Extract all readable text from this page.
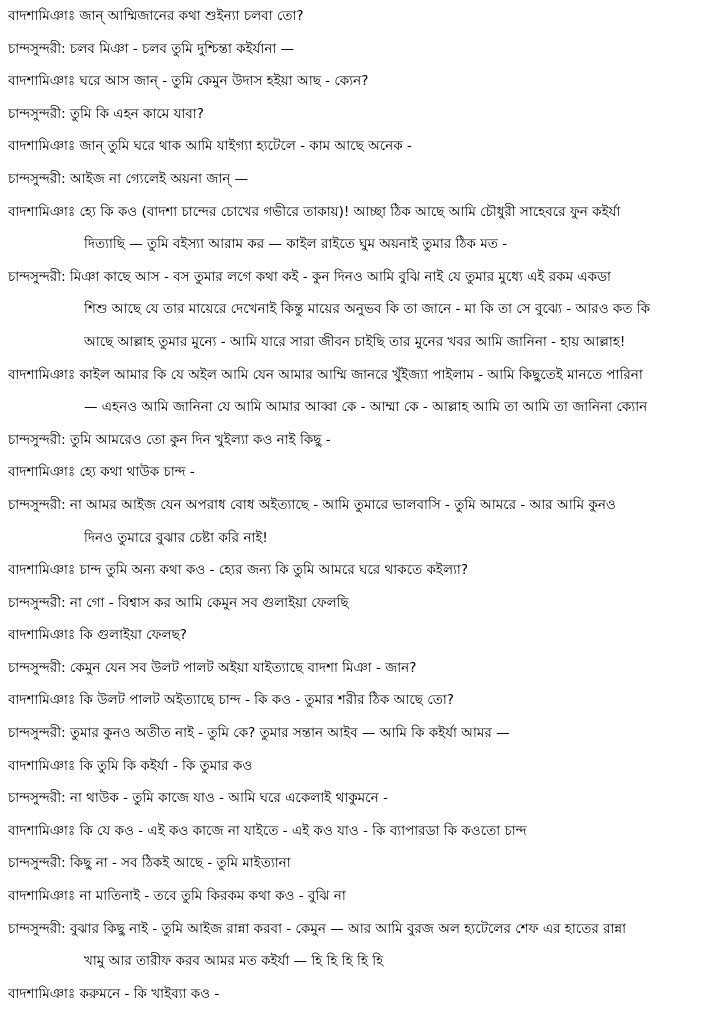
বাদশামিঞাঃ জান্‌ আম্মিজানের কথা শুইন্যা চলবা তো?
চান্দসুন্দরী: চলব মিঞা - চলব তুমি দুশ্চিন্তা কইর্যানা —
বাদশামিঞাঃ ঘরে আস জান্‌ - তুমি কেমুন উদাস হইয়া আছ - ক্যেন?
চান্দসুন্দরী: তুমি কি এহন কামে যাবা?
বাদশামিঞাঃ জান্‌ তুমি ঘরে থাক আমি যাইগ্যা হ্যটেলে - কাম আছে অনেক -
চান্দসুন্দরী: আইজ না গ্যেলেই অয়না জান্‌ —
বাদশামিঞাঃ হ্যে কি কও (বাদশা চান্দের চোখের গভীরে তাকায়)! আচ্ছা ঠিক আছে আমি চৌধুরী সাহেবরে ফুন কইর্যা
দিত্যাছি — তুমি বইস্যা আরাম কর — কাইল রাইতে ঘুম অয়নাই তুমার ঠিক মত -
চান্দসুন্দরী: মিঞা কাছে আস - বস তুমার লগে কথা কই - কুন দিনও আমি বুঝি নাই যে তুমার মুধ্যে এই রকম একডা
শিশু আছে যে তার মায়েরে দেখেনাই কিন্তু মায়ের অনুভব কি তা জানে - মা কি তা সে বুঝ্যে - আরও কত কি
আছে আল্লাহ তুমার মুন্যে - আমি যারে সারা জীবন চাইছি তার মুনের খবর আমি জানিনা - হায় আল্লাহ!
বাদশামিঞাঃ কাইল আমার কি যে অইল আমি যেন আমার আম্মি জানরে খুঁইজ্যা পাইলাম - আমি কিছুতেই মানতে পারিনা
— এহনও আমি জানিনা যে আমি আমার আব্বা কে - আম্মা কে - আল্লাহ আমি তা আমি তা জানিনা ক্যোন
চান্দসুন্দরী: তুমি আমরেও তো কুন দিন খুইল্যা কও নাই কিছু -
বাদশামিঞাঃ হ্যে কথা থাউক চান্দ -
চান্দসুন্দরী: না আমর আইজ যেন অপরাধ বোধ অইত্যাছে - আমি তুমারে ভালবাসি - তুমি আমরে - আর আমি কুনও
দিনও তুমারে বুঝার চেষ্টা করি নাই!
বাদশামিঞাঃ চান্দ তুমি অন্য কথা কও - হ্যের জন্য কি তুমি আমরে ঘরে থাকতে কইল্যা?
চান্দসুন্দরী: না গো - বিশ্বাস কর আমি কেমুন সব গুলাইয়া ফেলছি
বাদশামিঞাঃ কি গুলাইয়া ফেলছ?
চান্দসুন্দরী: কেমুন যেন সব উলট পালট অইয়া যাইত্যাছে বাদশা মিঞা - জান?
বাদশামিঞাঃ কি উলট পালট অইত্যাছে চান্দ - কি কও - তুমার শরীর ঠিক আছে তো?
চান্দসুন্দরী: তুমার কুনও অতীত নাই - তুমি কে? তুমার সন্তান আইব — আমি কি কইর্যা আমর —
বাদশামিঞাঃ কি তুমি কি কইর্যা - কি তুমার কও
চান্দসুন্দরী: না থাউক - তুমি কাজে যাও - আমি ঘরে একেলাই থাকুমনে -
বাদশামিঞাঃ কি যে কও - এই কও কাজে না যাইতে - এই কও যাও - কি ব্যাপারডা কি কওতো চান্দ
চান্দসুন্দরী: কিছু না - সব ঠিকই আছে - তুমি মাইত্যানা
বাদশামিঞাঃ না মাতিনাই - তবে তুমি কিরকম কথা কও - বুঝি না
চান্দসুন্দরী: বুঝার কিছু নাই - তুমি আইজ রান্না করবা - কেমুন — আর আমি বুরজ অল হ্যটেলের শেফ এর হাতের রান্না
খামু আর তারীফ করব আমর মত কইর্যা — হি হি হি হি হি
বাদশামিঞাঃ করুমনে - কি খাইব্যা কও -
